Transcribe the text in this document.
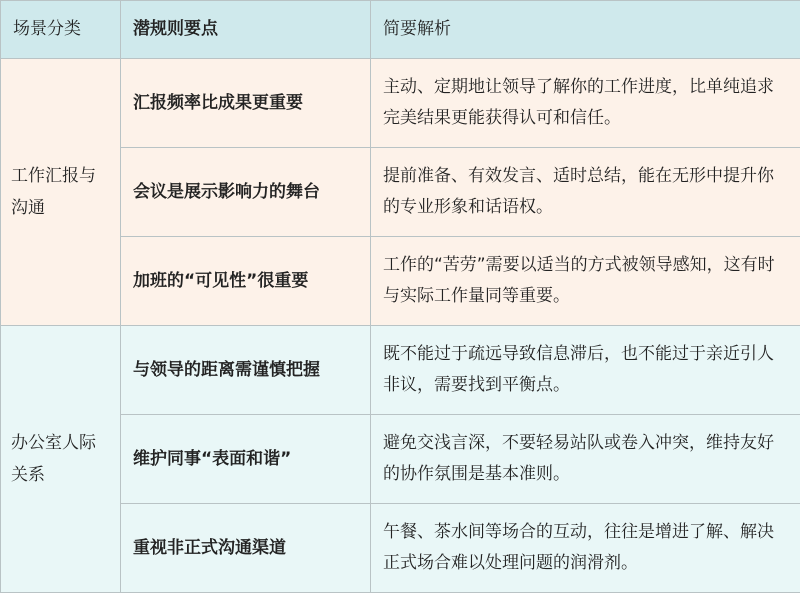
场景分类	潜规则要点	简要解析
工作汇报与沟通	汇报频率比成果更重要	主动、定期地让领导了解你的工作进度，比单纯追求完美结果更能获得认可和信任。
	会议是展示影响力的舞台	提前准备、有效发言、适时总结，能在无形中提升你的专业形象和话语权。
	加班的“可见性”很重要	工作的“苦劳”需要以适当的方式被领导感知，这有时与实际工作量同等重要。
办公室人际关系	与领导的距离需谨慎把握	既不能过于疏远导致信息滞后，也不能过于亲近引人非议，需要找到平衡点。
	维护同事“表面和谐”	避免交浅言深，不要轻易站队或卷入冲突，维持友好的协作氛围是基本准则。
	重视非正式沟通渠道	午餐、茶水间等场合的互动，往往是增进了解、解决正式场合难以处理问题的润滑剂。
